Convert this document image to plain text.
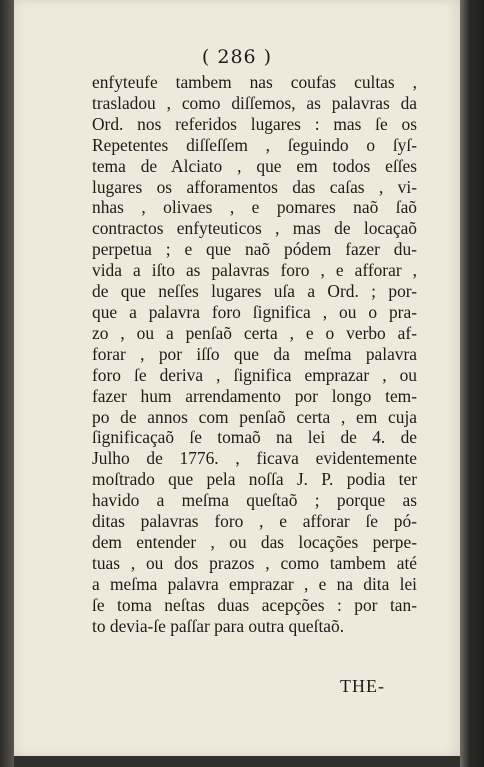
( 286 )
enfyteufe tambem nas coufas cultas ,
trasladou , como diſſemos, as palavras da
Ord. nos referidos lugares : mas ſe os
Repetentes diſſeſſem , ſeguindo o ſyſ-
tema de Alciato , que em todos eſſes
lugares os afforamentos das caſas , vi-
nhas , olivaes , e pomares naõ ſaõ
contractos enfyteuticos , mas de locaçaõ
perpetua ; e que naõ pódem fazer du-
vida a iſto as palavras foro , e afforar ,
de que neſſes lugares uſa a Ord. ; por-
que a palavra foro ſignifica , ou o pra-
zo , ou a penſaõ certa , e o verbo af-
forar , por iſſo que da meſma palavra
foro ſe deriva , ſignifica emprazar , ou
fazer hum arrendamento por longo tem-
po de annos com penſaõ certa , em cuja
ſignificaçaõ ſe tomaõ na lei de 4. de
Julho de 1776. , ficava evidentemente
moſtrado que pela noſſa J. P. podia ter
havido a meſma queſtaõ ; porque as
ditas palavras foro , e afforar ſe pó-
dem entender , ou das locações perpe-
tuas , ou dos prazos , como tambem até
a meſma palavra emprazar , e na dita lei
ſe toma neſtas duas acepções : por tan-
to devia-ſe paſſar para outra queſtaõ.
THE-
